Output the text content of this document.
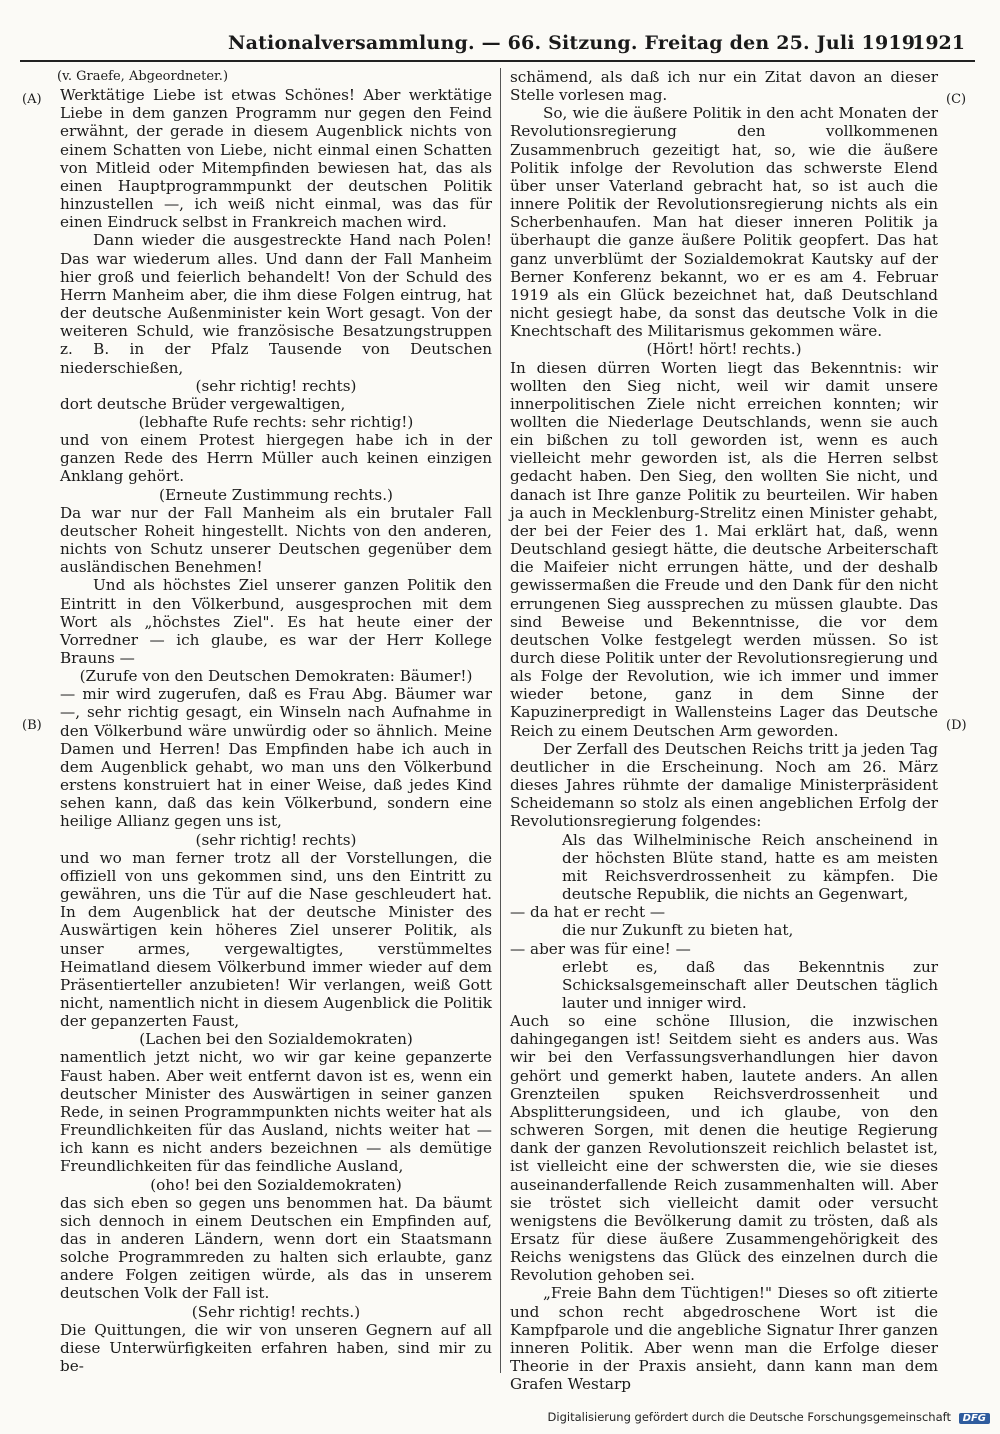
Nationalversammlung. — 66. Sitzung. Freitag den 25. Juli 1919.
1921
(A)
(B)
(C)
(D)

(v. Graefe, Abgeordneter.)

Werktätige Liebe ist etwas Schönes! Aber werktätige Liebe in dem ganzen Programm nur gegen den Feind erwähnt, der gerade in diesem Augenblick nichts von einem Schatten von Liebe, nicht einmal einen Schatten von Mitleid oder Mitempfinden bewiesen hat, das als einen Hauptprogrammpunkt der deutschen Politik hinzustellen —, ich weiß nicht einmal, was das für einen Eindruck selbst in Frankreich machen wird.

Dann wieder die ausgestreckte Hand nach Polen! Das war wiederum alles. Und dann der Fall Manheim hier groß und feierlich behandelt! Von der Schuld des Herrn Manheim aber, die ihm diese Folgen eintrug, hat der deutsche Außenminister kein Wort gesagt. Von der weiteren Schuld, wie französische Besatzungstruppen z. B. in der Pfalz Tausende von Deutschen niederschießen,

(sehr richtig! rechts)

dort deutsche Brüder vergewaltigen,

(lebhafte Rufe rechts: sehr richtig!)

und von einem Protest hiergegen habe ich in der ganzen Rede des Herrn Müller auch keinen einzigen Anklang gehört.

(Erneute Zustimmung rechts.)

Da war nur der Fall Manheim als ein brutaler Fall deutscher Roheit hingestellt. Nichts von den anderen, nichts von Schutz unserer Deutschen gegenüber dem ausländischen Benehmen!

Und als höchstes Ziel unserer ganzen Politik den Eintritt in den Völkerbund, ausgesprochen mit dem Wort als „höchstes Ziel". Es hat heute einer der Vorredner — ich glaube, es war der Herr Kollege Brauns —

(Zurufe von den Deutschen Demokraten: Bäumer!)

— mir wird zugerufen, daß es Frau Abg. Bäumer war —, sehr richtig gesagt, ein Winseln nach Aufnahme in den Völkerbund wäre unwürdig oder so ähnlich. Meine Damen und Herren! Das Empfinden habe ich auch in dem Augenblick gehabt, wo man uns den Völkerbund erstens konstruiert hat in einer Weise, daß jedes Kind sehen kann, daß das kein Völkerbund, sondern eine heilige Allianz gegen uns ist,

(sehr richtig! rechts)

und wo man ferner trotz all der Vorstellungen, die offiziell von uns gekommen sind, uns den Eintritt zu gewähren, uns die Tür auf die Nase geschleudert hat. In dem Augenblick hat der deutsche Minister des Auswärtigen kein höheres Ziel unserer Politik, als unser armes, vergewaltigtes, verstümmeltes Heimatland diesem Völkerbund immer wieder auf dem Präsentierteller anzubieten! Wir verlangen, weiß Gott nicht, namentlich nicht in diesem Augenblick die Politik der gepanzerten Faust,

(Lachen bei den Sozialdemokraten)

namentlich jetzt nicht, wo wir gar keine gepanzerte Faust haben. Aber weit entfernt davon ist es, wenn ein deutscher Minister des Auswärtigen in seiner ganzen Rede, in seinen Programmpunkten nichts weiter hat als Freundlichkeiten für das Ausland, nichts weiter hat — ich kann es nicht anders bezeichnen — als demütige Freundlichkeiten für das feindliche Ausland,

(oho! bei den Sozialdemokraten)

das sich eben so gegen uns benommen hat. Da bäumt sich dennoch in einem Deutschen ein Empfinden auf, das in anderen Ländern, wenn dort ein Staatsmann solche Programmreden zu halten sich erlaubte, ganz andere Folgen zeitigen würde, als das in unserem deutschen Volk der Fall ist.

(Sehr richtig! rechts.)

Die Quittungen, die wir von unseren Gegnern auf all diese Unterwürfigkeiten erfahren haben, sind mir zu be-

schämend, als daß ich nur ein Zitat davon an dieser Stelle vorlesen mag.

So, wie die äußere Politik in den acht Monaten der Revolutionsregierung den vollkommenen Zusammenbruch gezeitigt hat, so, wie die äußere Politik infolge der Revolution das schwerste Elend über unser Vaterland gebracht hat, so ist auch die innere Politik der Revolutionsregierung nichts als ein Scherbenhaufen. Man hat dieser inneren Politik ja überhaupt die ganze äußere Politik geopfert. Das hat ganz unverblümt der Sozialdemokrat Kautsky auf der Berner Konferenz bekannt, wo er es am 4. Februar 1919 als ein Glück bezeichnet hat, daß Deutschland nicht gesiegt habe, da sonst das deutsche Volk in die Knechtschaft des Militarismus gekommen wäre.

(Hört! hört! rechts.)

In diesen dürren Worten liegt das Bekenntnis: wir wollten den Sieg nicht, weil wir damit unsere innerpolitischen Ziele nicht erreichen konnten; wir wollten die Niederlage Deutschlands, wenn sie auch ein bißchen zu toll geworden ist, wenn es auch vielleicht mehr geworden ist, als die Herren selbst gedacht haben. Den Sieg, den wollten Sie nicht, und danach ist Ihre ganze Politik zu beurteilen. Wir haben ja auch in Mecklenburg-Strelitz einen Minister gehabt, der bei der Feier des 1. Mai erklärt hat, daß, wenn Deutschland gesiegt hätte, die deutsche Arbeiterschaft die Maifeier nicht errungen hätte, und der deshalb gewissermaßen die Freude und den Dank für den nicht errungenen Sieg aussprechen zu müssen glaubte. Das sind Beweise und Bekenntnisse, die vor dem deutschen Volke festgelegt werden müssen. So ist durch diese Politik unter der Revolutionsregierung und als Folge der Revolution, wie ich immer und immer wieder betone, ganz in dem Sinne der Kapuzinerpredigt in Wallensteins Lager das Deutsche Reich zu einem Deutschen Arm geworden.

Der Zerfall des Deutschen Reichs tritt ja jeden Tag deutlicher in die Erscheinung. Noch am 26. März dieses Jahres rühmte der damalige Ministerpräsident Scheidemann so stolz als einen angeblichen Erfolg der Revolutionsregierung folgendes:

Als das Wilhelminische Reich anscheinend in der höchsten Blüte stand, hatte es am meisten mit Reichsverdrossenheit zu kämpfen. Die deutsche Republik, die nichts an Gegenwart,

— da hat er recht —

die nur Zukunft zu bieten hat,

— aber was für eine! —

erlebt es, daß das Bekenntnis zur Schicksalsgemeinschaft aller Deutschen täglich lauter und inniger wird.

Auch so eine schöne Illusion, die inzwischen dahingegangen ist! Seitdem sieht es anders aus. Was wir bei den Verfassungsverhandlungen hier davon gehört und gemerkt haben, lautete anders. An allen Grenzteilen spuken Reichsverdrossenheit und Absplitterungsideen, und ich glaube, von den schweren Sorgen, mit denen die heutige Regierung dank der ganzen Revolutionszeit reichlich belastet ist, ist vielleicht eine der schwersten die, wie sie dieses auseinanderfallende Reich zusammenhalten will. Aber sie tröstet sich vielleicht damit oder versucht wenigstens die Bevölkerung damit zu trösten, daß als Ersatz für diese äußere Zusammengehörigkeit des Reichs wenigstens das Glück des einzelnen durch die Revolution gehoben sei.

„Freie Bahn dem Tüchtigen!" Dieses so oft zitierte und schon recht abgedroschene Wort ist die Kampfparole und die angebliche Signatur Ihrer ganzen inneren Politik. Aber wenn man die Erfolge dieser Theorie in der Praxis ansieht, dann kann man dem Grafen Westarp

Digitalisierung gefördert durch die Deutsche Forschungsgemeinschaft DFG
